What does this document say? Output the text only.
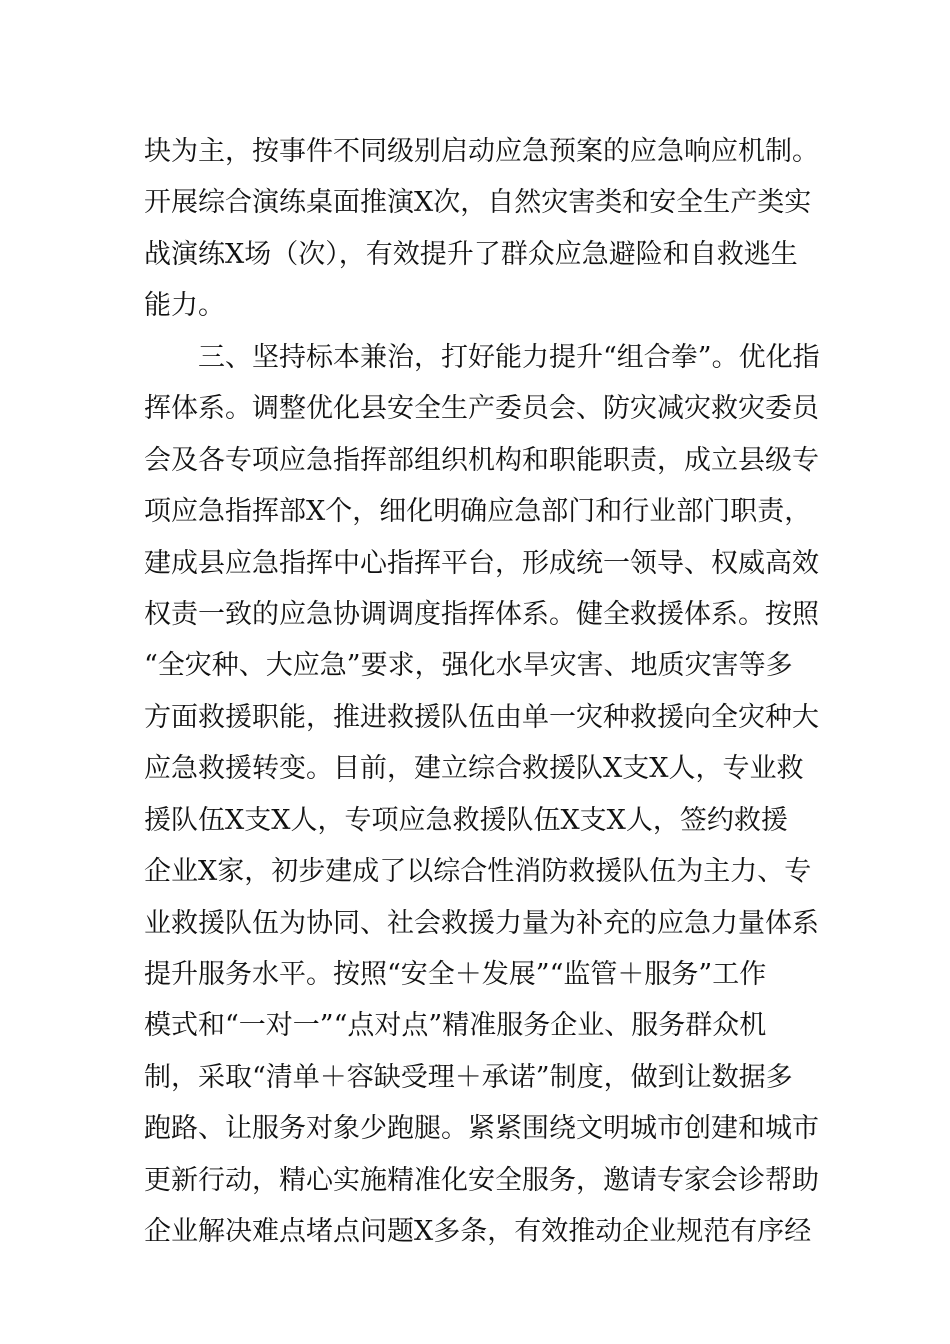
块为主，按事件不同级别启动应急预案的应急响应机制。
开展综合演练桌面推演X次，自然灾害类和安全生产类实
战演练X场（次），有效提升了群众应急避险和自救逃生
能力。
　　三、坚持标本兼治，打好能力提升“组合拳”。优化指
挥体系。调整优化县安全生产委员会、防灾减灾救灾委员
会及各专项应急指挥部组织机构和职能职责，成立县级专
项应急指挥部X个，细化明确应急部门和行业部门职责，
建成县应急指挥中心指挥平台，形成统一领导、权威高效
权责一致的应急协调调度指挥体系。健全救援体系。按照
“全灾种、大应急”要求，强化水旱灾害、地质灾害等多
方面救援职能，推进救援队伍由单一灾种救援向全灾种大
应急救援转变。目前，建立综合救援队X支X人，专业救
援队伍X支X人，专项应急救援队伍X支X人，签约救援
企业X家，初步建成了以综合性消防救援队伍为主力、专
业救援队伍为协同、社会救援力量为补充的应急力量体系
提升服务水平。按照“安全＋发展”“监管＋服务”工作
模式和“一对一”“点对点”精准服务企业、服务群众机
制，采取“清单＋容缺受理＋承诺”制度，做到让数据多
跑路、让服务对象少跑腿。紧紧围绕文明城市创建和城市
更新行动，精心实施精准化安全服务，邀请专家会诊帮助
企业解决难点堵点问题X多条，有效推动企业规范有序经
